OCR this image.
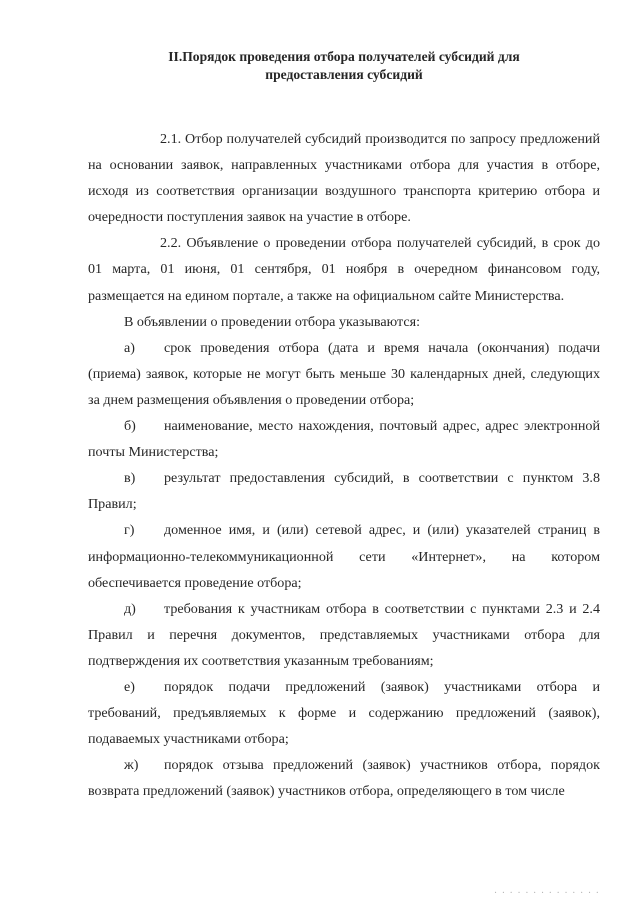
II.Порядок проведения отбора получателей субсидий для
предоставления субсидий

2.1. Отбор получателей субсидий производится по запросу предложений на основании заявок, направленных участниками отбора для участия в отборе, исходя из соответствия организации воздушного транспорта критерию отбора и очередности поступления заявок на участие в отборе.

2.2. Объявление о проведении отбора получателей субсидий, в срок до 01 марта, 01 июня, 01 сентября, 01 ноября в очередном финансовом году, размещается на едином портале, а также на официальном сайте Министерства.

В объявлении о проведении отбора указываются:

а) срок проведения отбора (дата и время начала (окончания) подачи (приема) заявок, которые не могут быть меньше 30 календарных дней, следующих за днем размещения объявления о проведении отбора;

б) наименование, место нахождения, почтовый адрес, адрес электронной почты Министерства;

в) результат предоставления субсидий, в соответствии с пунктом 3.8 Правил;

г) доменное имя, и (или) сетевой адрес, и (или) указателей страниц в информационно-телекоммуникационной сети «Интернет», на котором обеспечивается проведение отбора;

д) требования к участникам отбора в соответствии с пунктами 2.3 и 2.4 Правил и перечня документов, представляемых участниками отбора для подтверждения их соответствия указанным требованиям;

е) порядок подачи предложений (заявок) участниками отбора и требований, предъявляемых к форме и содержанию предложений (заявок), подаваемых участниками отбора;

ж) порядок отзыва предложений (заявок) участников отбора, порядок возврата предложений (заявок) участников отбора, определяющего в том числе

· · · · · · · · · · · · · ·
